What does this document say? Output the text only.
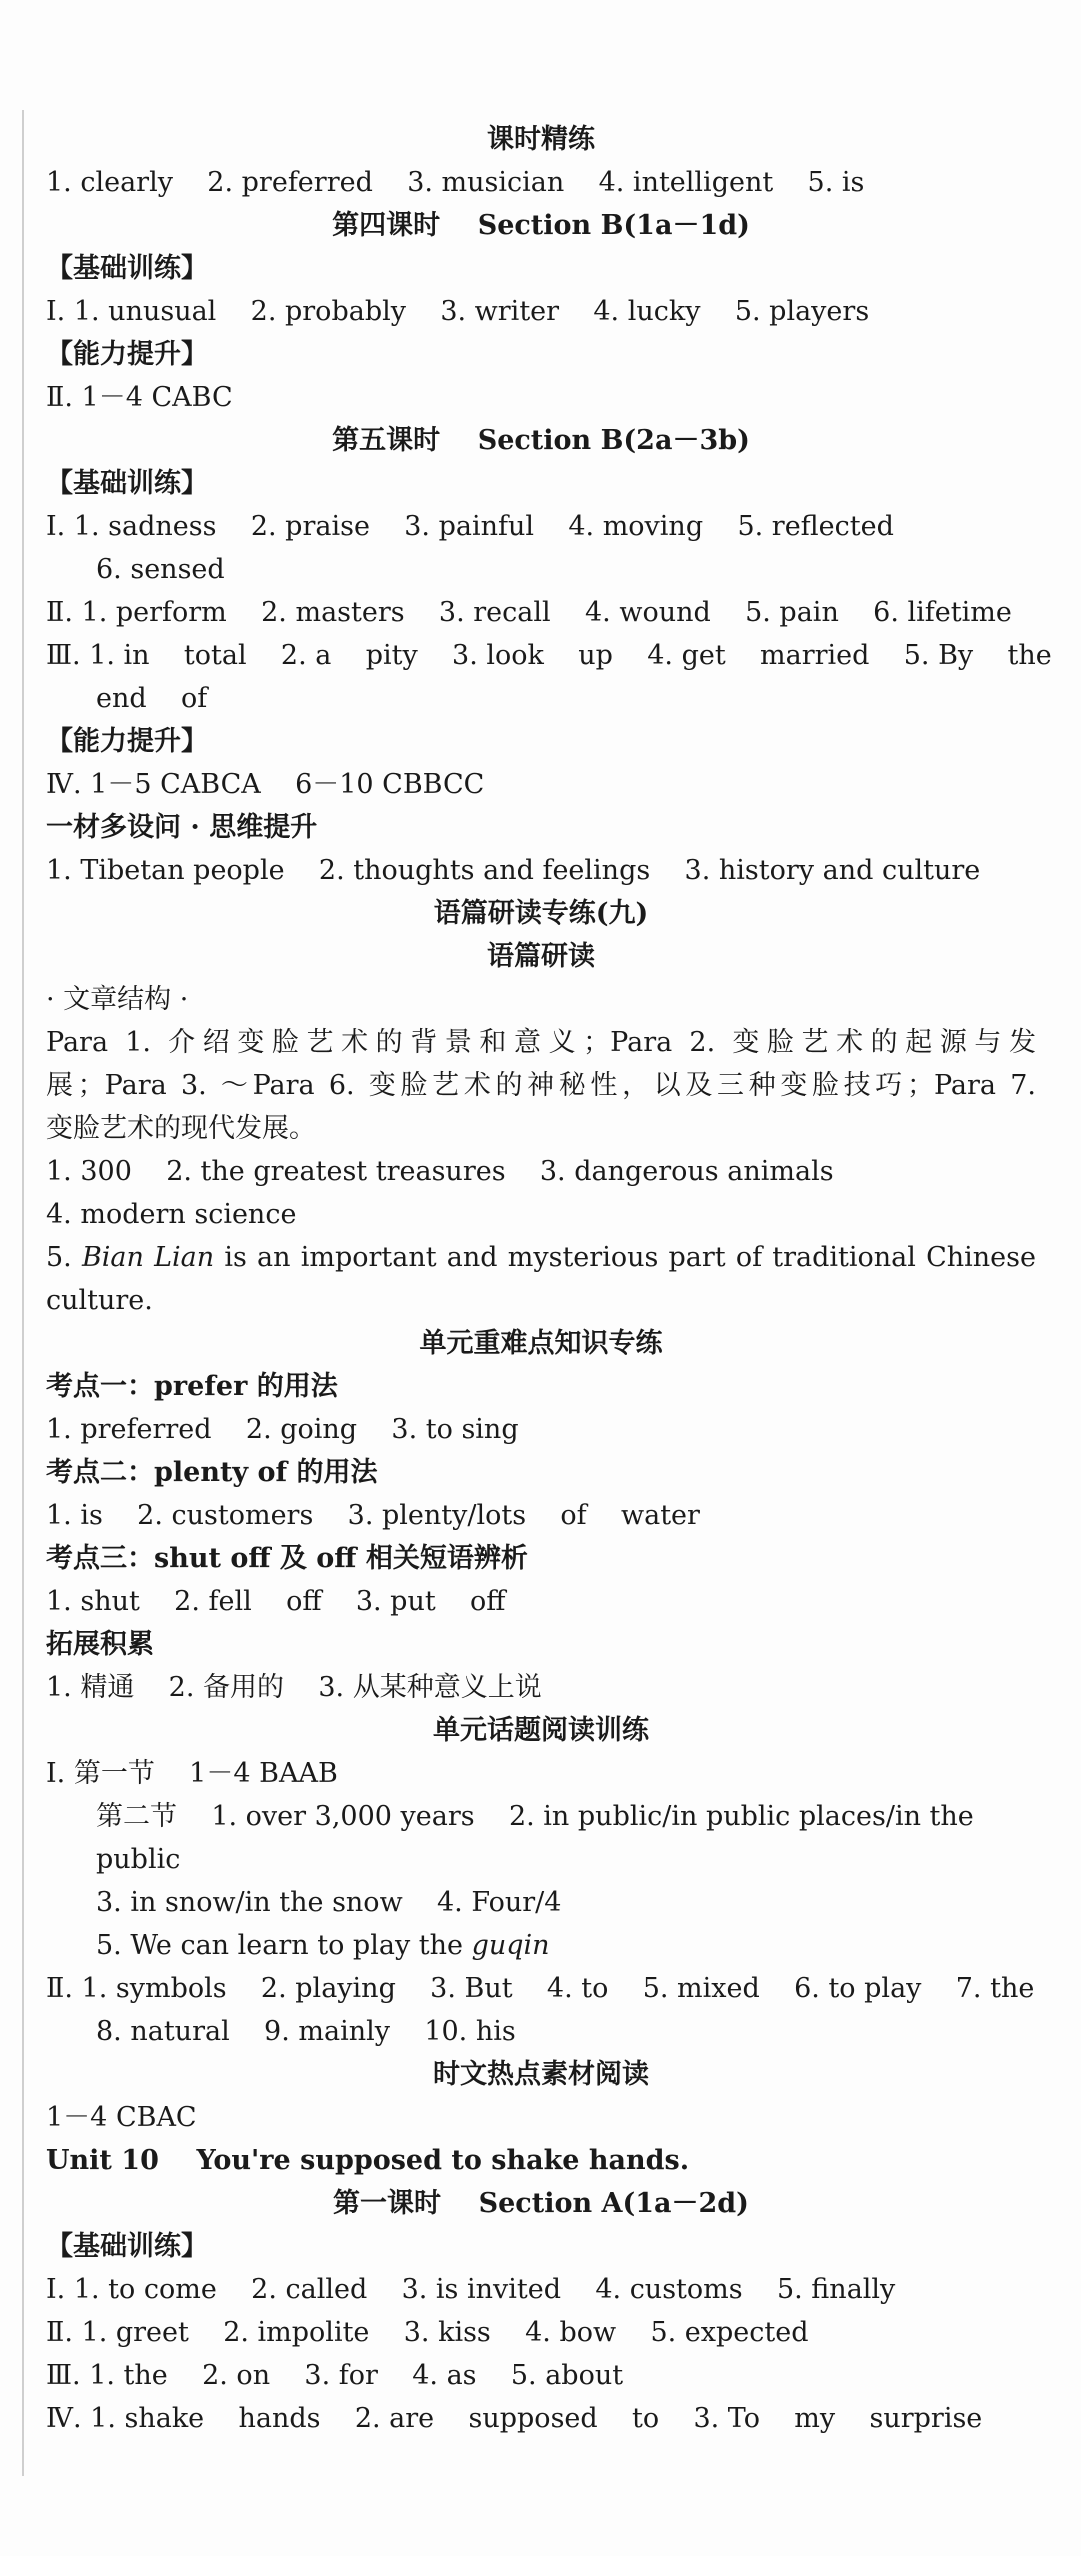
课时精练
1. clearly    2. preferred    3. musician    4. intelligent    5. is
第四课时    Section B(1a－1d)
【基础训练】
Ⅰ. 1. unusual    2. probably    3. writer    4. lucky    5. players
【能力提升】
Ⅱ. 1－4 CABC
第五课时    Section B(2a－3b)
【基础训练】
Ⅰ. 1. sadness    2. praise    3. painful    4. moving    5. reflected
6. sensed
Ⅱ. 1. perform    2. masters    3. recall    4. wound    5. pain    6. lifetime
Ⅲ. 1. in    total    2. a    pity    3. look    up    4. get    married    5. By    the
end    of
【能力提升】
Ⅳ. 1－5 CABCA    6－10 CBBCC
一材多设问 · 思维提升
1. Tibetan people    2. thoughts and feelings    3. history and culture
语篇研读专练(九)
语篇研读
· 文章结构 ·
Para 1. 介绍变脸艺术的背景和意义；Para 2. 变脸艺术的起源与发
展；Para 3. ～Para 6. 变脸艺术的神秘性，以及三种变脸技巧；Para 7.
变脸艺术的现代发展。
1. 300    2. the greatest treasures    3. dangerous animals
4. modern science
5. Bian Lian is an important and mysterious part of traditional Chinese
culture.
单元重难点知识专练
考点一：prefer 的用法
1. preferred    2. going    3. to sing
考点二：plenty of 的用法
1. is    2. customers    3. plenty/lots    of    water
考点三：shut off 及 off 相关短语辨析
1. shut    2. fell    off    3. put    off
拓展积累
1. 精通    2. 备用的    3. 从某种意义上说
单元话题阅读训练
Ⅰ. 第一节    1－4 BAAB
第二节    1. over 3,000 years    2. in public/in public places/in the
public
3. in snow/in the snow    4. Four/4
5. We can learn to play the guqin
Ⅱ. 1. symbols    2. playing    3. But    4. to    5. mixed    6. to play    7. the
8. natural    9. mainly    10. his
时文热点素材阅读
1－4 CBAC
Unit 10    You're supposed to shake hands.
第一课时    Section A(1a－2d)
【基础训练】
Ⅰ. 1. to come    2. called    3. is invited    4. customs    5. finally
Ⅱ. 1. greet    2. impolite    3. kiss    4. bow    5. expected
Ⅲ. 1. the    2. on    3. for    4. as    5. about
Ⅳ. 1. shake    hands    2. are    supposed    to    3. To    my    surprise
